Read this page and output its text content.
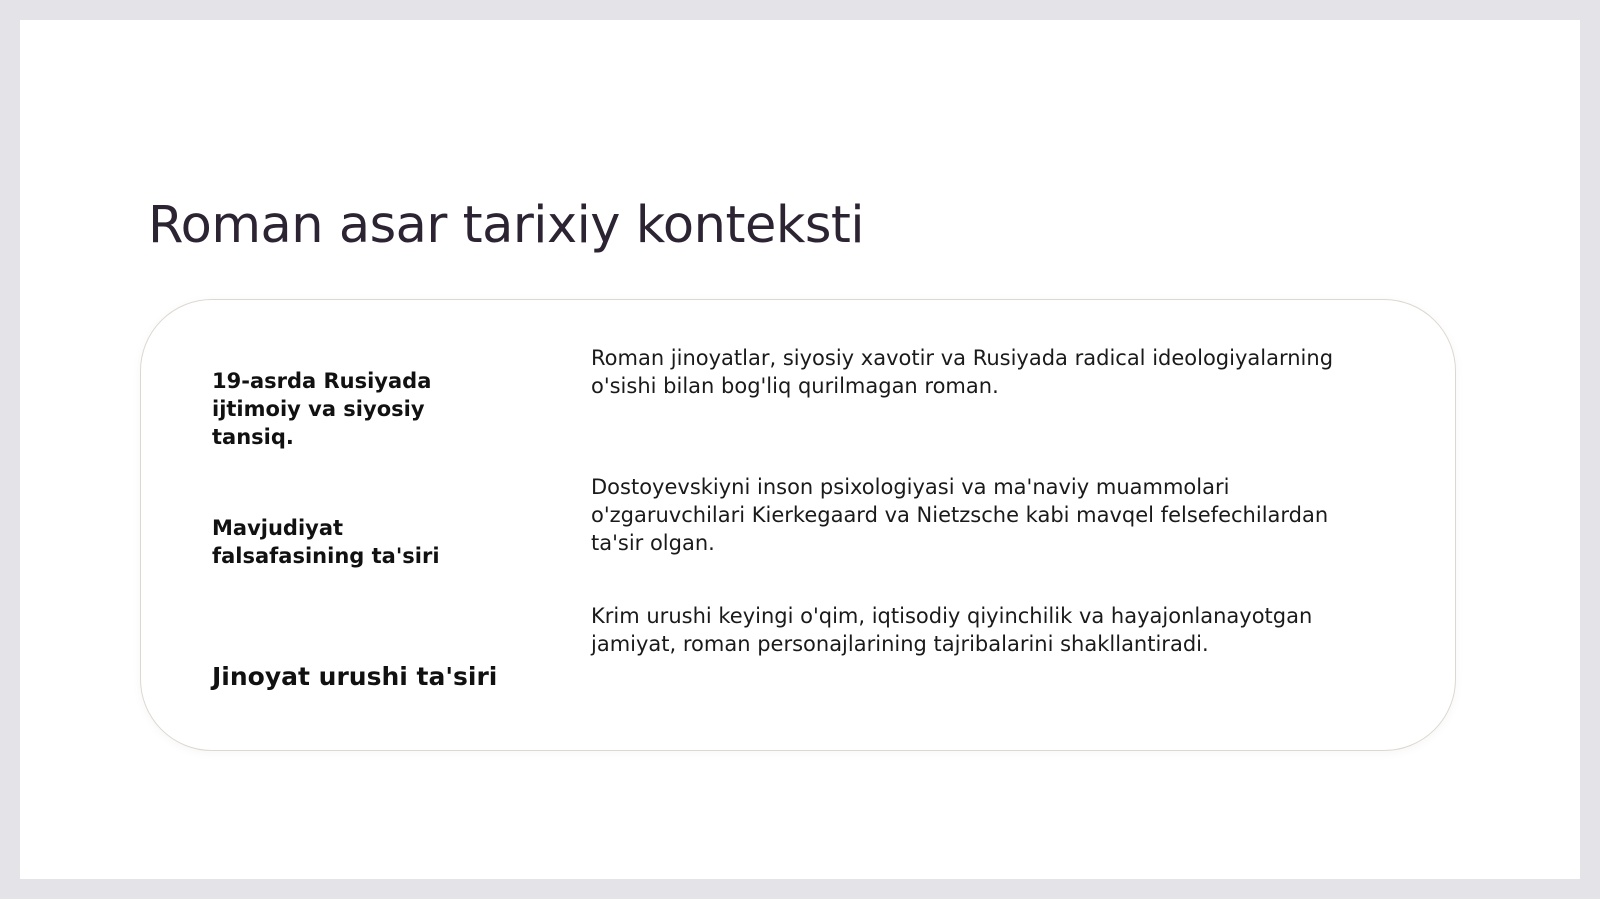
Roman asar tarixiy konteksti

19-asrda Rusiyada ijtimoiy va siyosiy tansiq.

Roman jinoyatlar, siyosiy xavotir va Rusiyada radical ideologiyalarning o'sishi bilan bog'liq qurilmagan roman.

Mavjudiyat falsafasining ta'siri

Dostoyevskiyni inson psixologiyasi va ma'naviy muammolari o'zgaruvchilari Kierkegaard va Nietzsche kabi mavqel felsefechilardan ta'sir olgan.

Jinoyat urushi ta'siri

Krim urushi keyingi o'qim, iqtisodiy qiyinchilik va hayajonlanayotgan jamiyat, roman personajlarining tajribalarini shakllantiradi.
